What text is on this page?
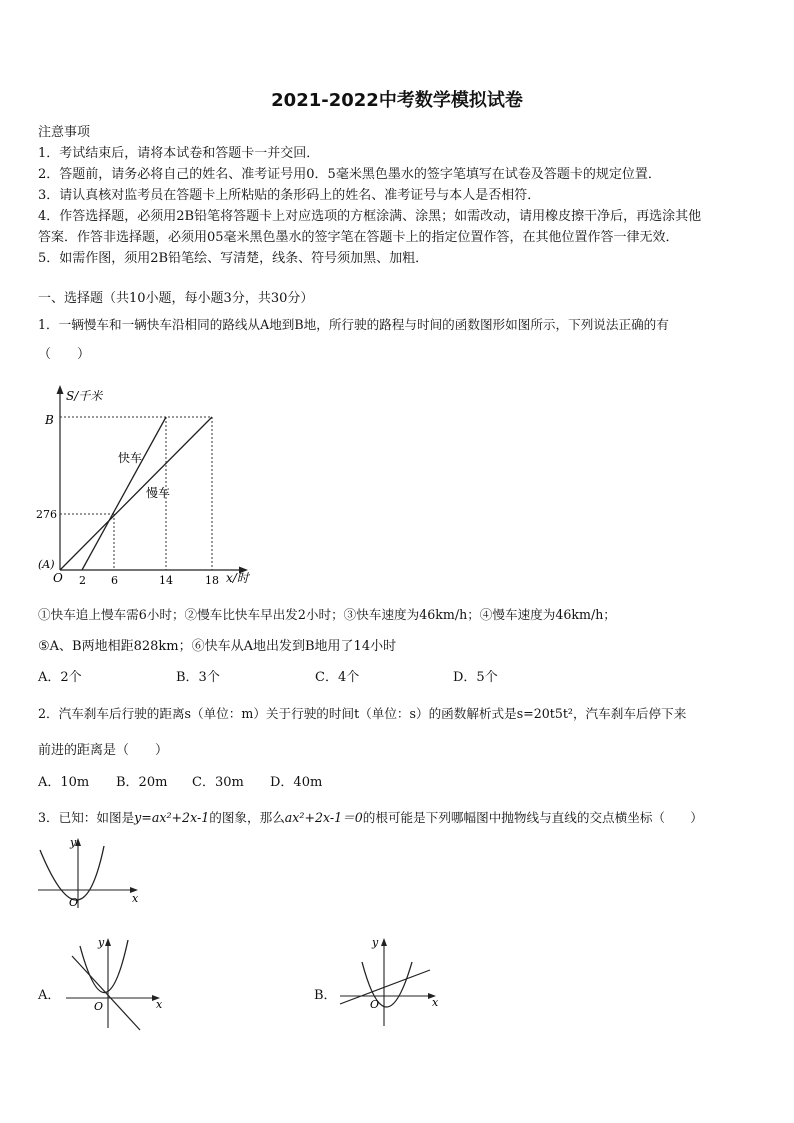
2021-2022中考数学模拟试卷
注意事项
1．考试结束后，请将本试卷和答题卡一并交回．
2．答题前，请务必将自己的姓名、准考证号用0．5毫米黑色墨水的签字笔填写在试卷及答题卡的规定位置．
3．请认真核对监考员在答题卡上所粘贴的条形码上的姓名、准考证号与本人是否相符．
4．作答选择题，必须用2B铅笔将答题卡上对应选项的方框涂满、涂黑；如需改动，请用橡皮擦干净后，再选涂其他
答案．作答非选择题，必须用05毫米黑色墨水的签字笔在答题卡上的指定位置作答，在其他位置作答一律无效．
5．如需作图，须用2B铅笔绘、写清楚，线条、符号须加黑、加粗．
一、选择题（共10小题，每小题3分，共30分）
1．一辆慢车和一辆快车沿相同的路线从A地到B地，所行驶的路程与时间的函数图形如图所示，下列说法正确的有
（　　）
S/千米
B
276
(A)
O 2 6	14	18 x/时
快车
慢车
①快车追上慢车需6小时；②慢车比快车早出发2小时；③快车速度为46km/h；④慢车速度为46km/h；
⑤A、B两地相距828km；⑥快车从A地出发到B地用了14小时
A．2个	B．3个	C．4个	D．5个
2．汽车刹车后行驶的距离s（单位：m）关于行驶的时间t（单位：s）的函数解析式是s=20t5t²，汽车刹车后停下来
前进的距离是（　　）
A．10m B．20m C．30m D．40m
3．已知：如图是y=ax²+2x-1的图象，那么ax²+2x-1＝0的根可能是下列哪幅图中抛物线与直线的交点横坐标（　　）
y
x
O
A．
y
x
O
B．
y
x
O
